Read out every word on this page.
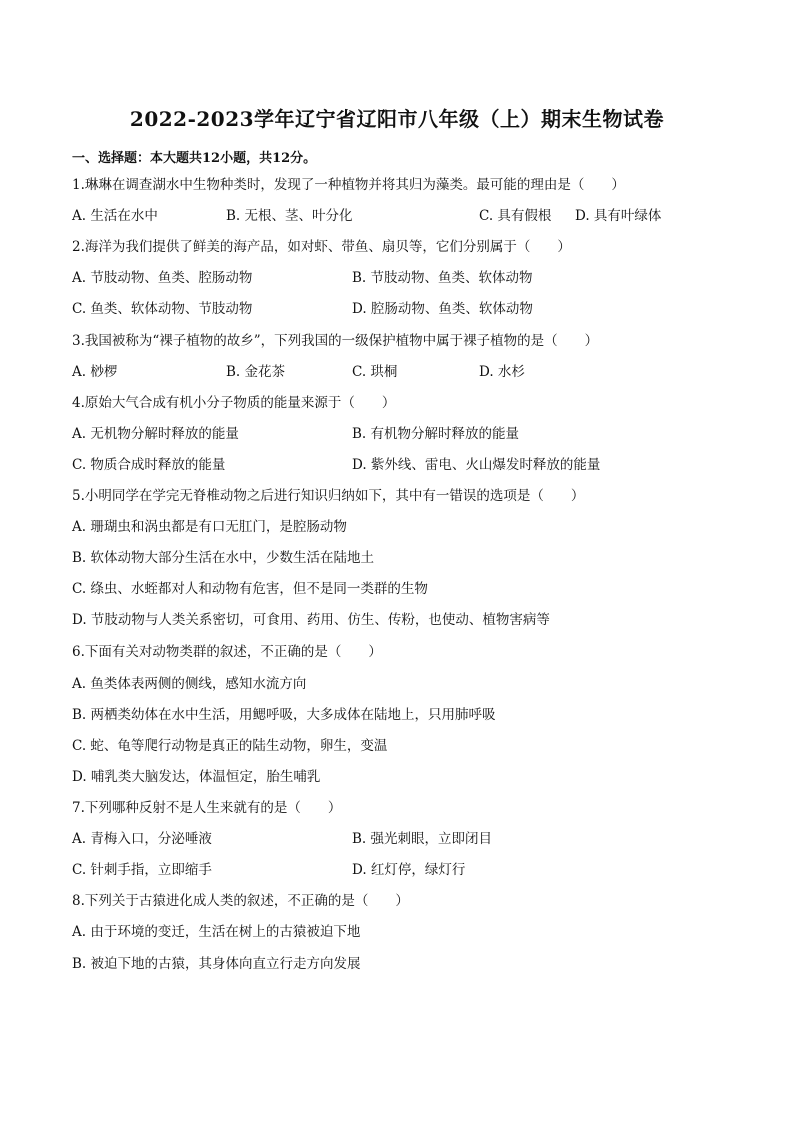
2022-2023学年辽宁省辽阳市八年级（上）期末生物试卷
一、选择题：本大题共12小题，共12分。
1.琳琳在调查湖水中生物种类时，发现了一种植物并将其归为藻类。最可能的理由是（　　）
A. 生活在水中	B. 无根、茎、叶分化	C. 具有假根 D. 具有叶绿体
2.海洋为我们提供了鲜美的海产品，如对虾、带鱼、扇贝等，它们分别属于（　　）
A. 节肢动物、鱼类、腔肠动物	B. 节肢动物、鱼类、软体动物
C. 鱼类、软体动物、节肢动物	D. 腔肠动物、鱼类、软体动物
3.我国被称为“裸子植物的故乡”，下列我国的一级保护植物中属于裸子植物的是（　　）
A. 桫椤	B. 金花茶	C. 珙桐	D. 水杉
4.原始大气合成有机小分子物质的能量来源于（　　）
A. 无机物分解时释放的能量	B. 有机物分解时释放的能量
C. 物质合成时释放的能量	D. 紫外线、雷电、火山爆发时释放的能量
5.小明同学在学完无脊椎动物之后进行知识归纳如下，其中有一错误的选项是（　　）
A. 珊瑚虫和涡虫都是有口无肛门，是腔肠动物
B. 软体动物大部分生活在水中，少数生活在陆地土
C. 绦虫、水蛭都对人和动物有危害，但不是同一类群的生物
D. 节肢动物与人类关系密切，可食用、药用、仿生、传粉，也使动、植物害病等
6.下面有关对动物类群的叙述，不正确的是（　　）
A. 鱼类体表两侧的侧线，感知水流方向
B. 两栖类幼体在水中生活，用鳃呼吸，大多成体在陆地上，只用肺呼吸
C. 蛇、龟等爬行动物是真正的陆生动物，卵生，变温
D. 哺乳类大脑发达，体温恒定，胎生哺乳
7.下列哪种反射不是人生来就有的是（　　）
A. 青梅入口，分泌唾液	B. 强光刺眼，立即闭目
C. 针刺手指，立即缩手	D. 红灯停，绿灯行
8.下列关于古猿进化成人类的叙述，不正确的是（　　）
A. 由于环境的变迁，生活在树上的古猿被迫下地
B. 被迫下地的古猿，其身体向直立行走方向发展
